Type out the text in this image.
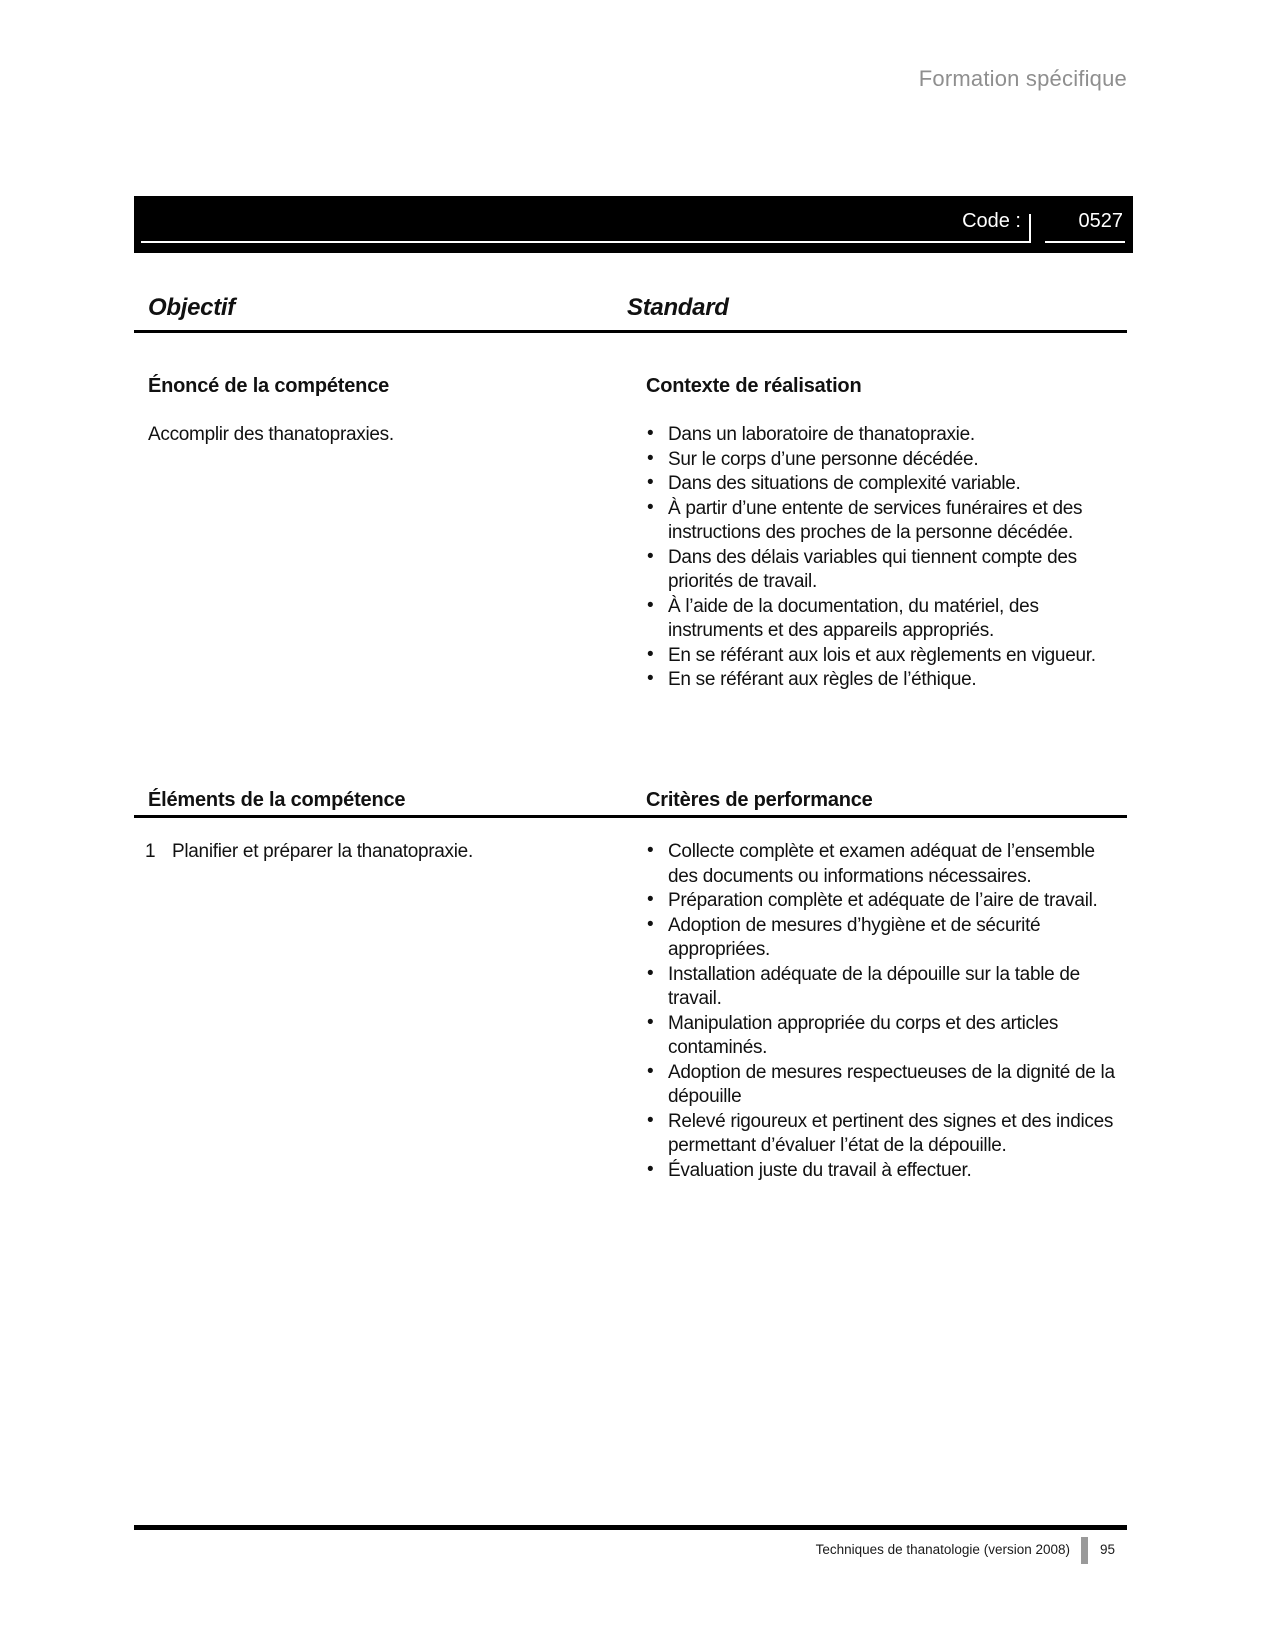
Formation spécifique
Code :	0527
Objectif	Standard
Énoncé de la compétence	Contexte de réalisation
Accomplir des thanatopraxies.	• Dans un laboratoire de thanatopraxie.
• Sur le corps d’une personne décédée.
• Dans des situations de complexité variable.
• À partir d’une entente de services funéraires et des instructions des proches de la personne décédée.
• Dans des délais variables qui tiennent compte des priorités de travail.
• À l’aide de la documentation, du matériel, des instruments et des appareils appropriés.
• En se référant aux lois et aux règlements en vigueur.
• En se référant aux règles de l’éthique.
Éléments de la compétence	Critères de performance
1 Planifier et préparer la thanatopraxie.	• Collecte complète et examen adéquat de l’ensemble des documents ou informations nécessaires.
• Préparation complète et adéquate de l’aire de travail.
• Adoption de mesures d’hygiène et de sécurité appropriées.
• Installation adéquate de la dépouille sur la table de travail.
• Manipulation appropriée du corps et des articles contaminés.
• Adoption de mesures respectueuses de la dignité de la dépouille
• Relevé rigoureux et pertinent des signes et des indices permettant d’évaluer l’état de la dépouille.
• Évaluation juste du travail à effectuer.
Techniques de thanatologie (version 2008) 95
